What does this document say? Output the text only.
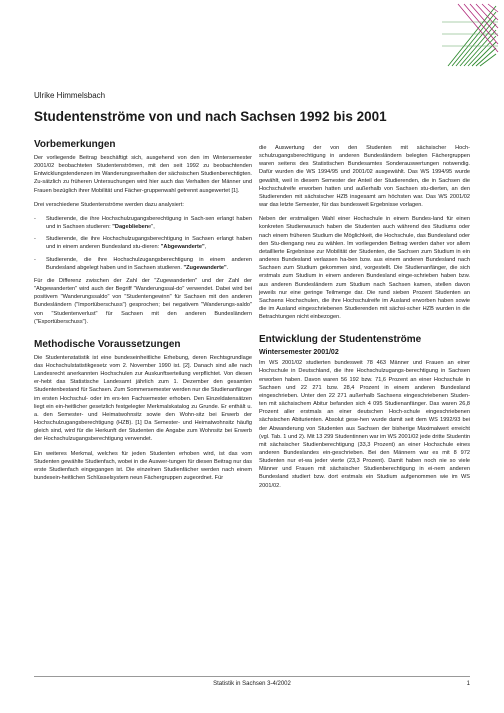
Ulrike Himmelsbach
Studentenströme von und nach Sachsen 1992 bis 2001
Vorbemerkungen

Der vorliegende Beitrag beschäftigt sich, ausgehend von den im Wintersemester 2001/02 beobachteten Studentenströmen, mit den seit 1992 zu beobachtenden Entwicklungstendenzen im Wanderungsverhalten der sächsischen Studienberechtigten. Zu-sätzlich zu früheren Untersuchungen wird hier auch das Verhalten der Männer und Frauen bezüglich ihrer Mobilität und Fächer-gruppenwahl getrennt ausgewertet [1].

Drei verschiedene Studentenströme werden dazu analysiert:

-	Studierende, die ihre Hochschulzugangsberechtigung in Sach-sen erlangt haben und in Sachsen studieren: "Dagebliebene",
-	Studierende, die ihre Hochschulzugangsberechtigung in Sachsen erlangt haben und in einem anderen Bundesland stu-dieren: "Abgewanderte",
-	Studierende, die ihre Hochschulzugangsberechtigung in einem anderen Bundesland abgelegt haben und in Sachsen studieren. "Zugewanderte".

Für die Differenz zwischen der Zahl der "Zugewanderten" und der Zahl der "Abgewanderten" wird auch der Begriff "Wanderungssal-do" verwendet. Dabei wird bei positivem "Wanderungssaldo" von "Studentengewinn" für Sachsen mit den anderen Bundesländern ("Importüberschuss") gesprochen; bei negativem "Wanderungs-saldo" von "Studentenverlust" für Sachsen mit den anderen Bundesländern ("Exportüberschuss").

Methodische Voraussetzungen

Die Studentenstatistik ist eine bundeseinheitliche Erhebung, deren Rechtsgrundlage das Hochschulstatistikgesetz vom 2. November 1990 ist. [2]. Danach sind alle nach Landesrecht anerkannten Hochschulen zur Auskunftserteilung verpflichtet. Von diesen er-hebt das Statistische Landesamt jährlich zum 1. Dezember den gesamten Studentenbestand für Sachsen. Zum Sommersemester werden nur die Studienanfänger im ersten Hochschul- oder im ers-ten Fachsemester erhoben. Den Einzeldatensätzen liegt ein ein-heitlicher gesetzlich festgelegter Merkmalskatalog zu Grunde. Er enthält u. a. den Semester- und Heimatwohnsitz sowie den Wohn-sitz bei Erwerb der Hochschulzugangsberechtigung (HZB). [1] Da Semester- und Heimatwohnsitz häufig gleich sind, wird für die Herkunft der Studenten die Angabe zum Wohnsitz bei Erwerb der Hochschulzugangsberechtigung verwendet.

Ein weiteres Merkmal, welches für jeden Studenten erhoben wird, ist das vom Studenten gewählte Studienfach, wobei in die Auswer-tungen für diesen Beitrag nur das erste Studienfach eingegangen ist. Die einzelnen Studienfächer werden nach einem bundesein-heitlichen Schlüsselsystem neun Fächergruppen zugeordnet. Für

die Auswertung der von den Studenten mit sächsischer Hoch-schulzugangsberechtigung in anderen Bundesländern belegten Fächergruppen waren seitens des Statistischen Bundesamtes Sonderauswertungen notwendig. Dafür wurden die WS 1994/95 und 2001/02 ausgewählt. Das WS 1994/95 wurde gewählt, weil in diesem Semester der Anteil der Studierenden, die in Sachsen die Hochschulreife erworben hatten und außerhalb von Sachsen stu-dierten, an den Studierenden mit sächsischer HZB insgesamt am höchsten war. Das WS 2001/02 war das letzte Semester, für das bundesweit Ergebnisse vorlagen.

Neben der erstmaligen Wahl einer Hochschule in einem Bundes-land für einen konkreten Studienwunsch haben die Studenten auch während des Studiums oder nach einem früheren Studium die Möglichkeit, die Hochschule, das Bundesland oder den Stu-diengang neu zu wählen. Im vorliegenden Beitrag werden daher vor allem detaillierte Ergebnisse zur Mobilität der Studenten, die Sachsen zum Studium in ein anderes Bundesland verlassen ha-ben bzw. aus einem anderen Bundesland nach Sachsen zum Studium gekommen sind, vorgestellt. Die Studienanfänger, die sich erstmals zum Studium in einem anderen Bundesland einge-schrieben haben bzw. aus anderen Bundesländern zum Studium nach Sachsen kamen, stellen davon jeweils nur eine geringe Teilmenge dar. Die rund sieben Prozent Studenten an Sachsens Hochschulen, die ihre Hochschulreife im Ausland erworben haben sowie die im Ausland eingeschriebenen Studierenden mit sächsi-scher HZB wurden in die Betrachtungen nicht einbezogen.

Entwicklung der Studentenströme
Wintersemester 2001/02

Im WS 2001/02 studierten bundesweit 78 463 Männer und Frauen an einer Hochschule in Deutschland, die ihre Hochschulzugangs-berechtigung in Sachsen erworben haben. Davon waren 56 192 bzw. 71,6 Prozent an einer Hochschule in Sachsen und 22 271 bzw. 28,4 Prozent in einem anderen Bundesland eingeschrieben. Unter den 22 271 außerhalb Sachsens eingeschriebenen Studen-ten mit sächsischem Abitur befanden sich 4 095 Studienanfänger. Das waren 26,8 Prozent aller erstmals an einer deutschen Hoch-schule eingeschriebenen sächsischen Abiturienten. Absolut gese-hen wurde damit seit dem WS 1992/93 bei der Abwanderung von Studenten aus Sachsen der bisherige Maximalwert erreicht (vgl. Tab. 1 und 2). Mit 13 299 Studentinnen war im WS 2001/02 jede dritte Studentin mit sächsischer Studienberechtigung (33,3 Prozent) an einer Hochschule eines anderen Bundeslandes ein-geschrieben. Bei den Männern war es mit 8 972 Studenten nur et-wa jeder vierte (23,3 Prozent). Damit haben noch nie so viele Männer und Frauen mit sächsischer Studienberechtigung in ei-nem anderen Bundesland studiert bzw. dort erstmals ein Studium aufgenommen wie im WS 2001/02.

Statistik in Sachsen 3-4/2002	1
